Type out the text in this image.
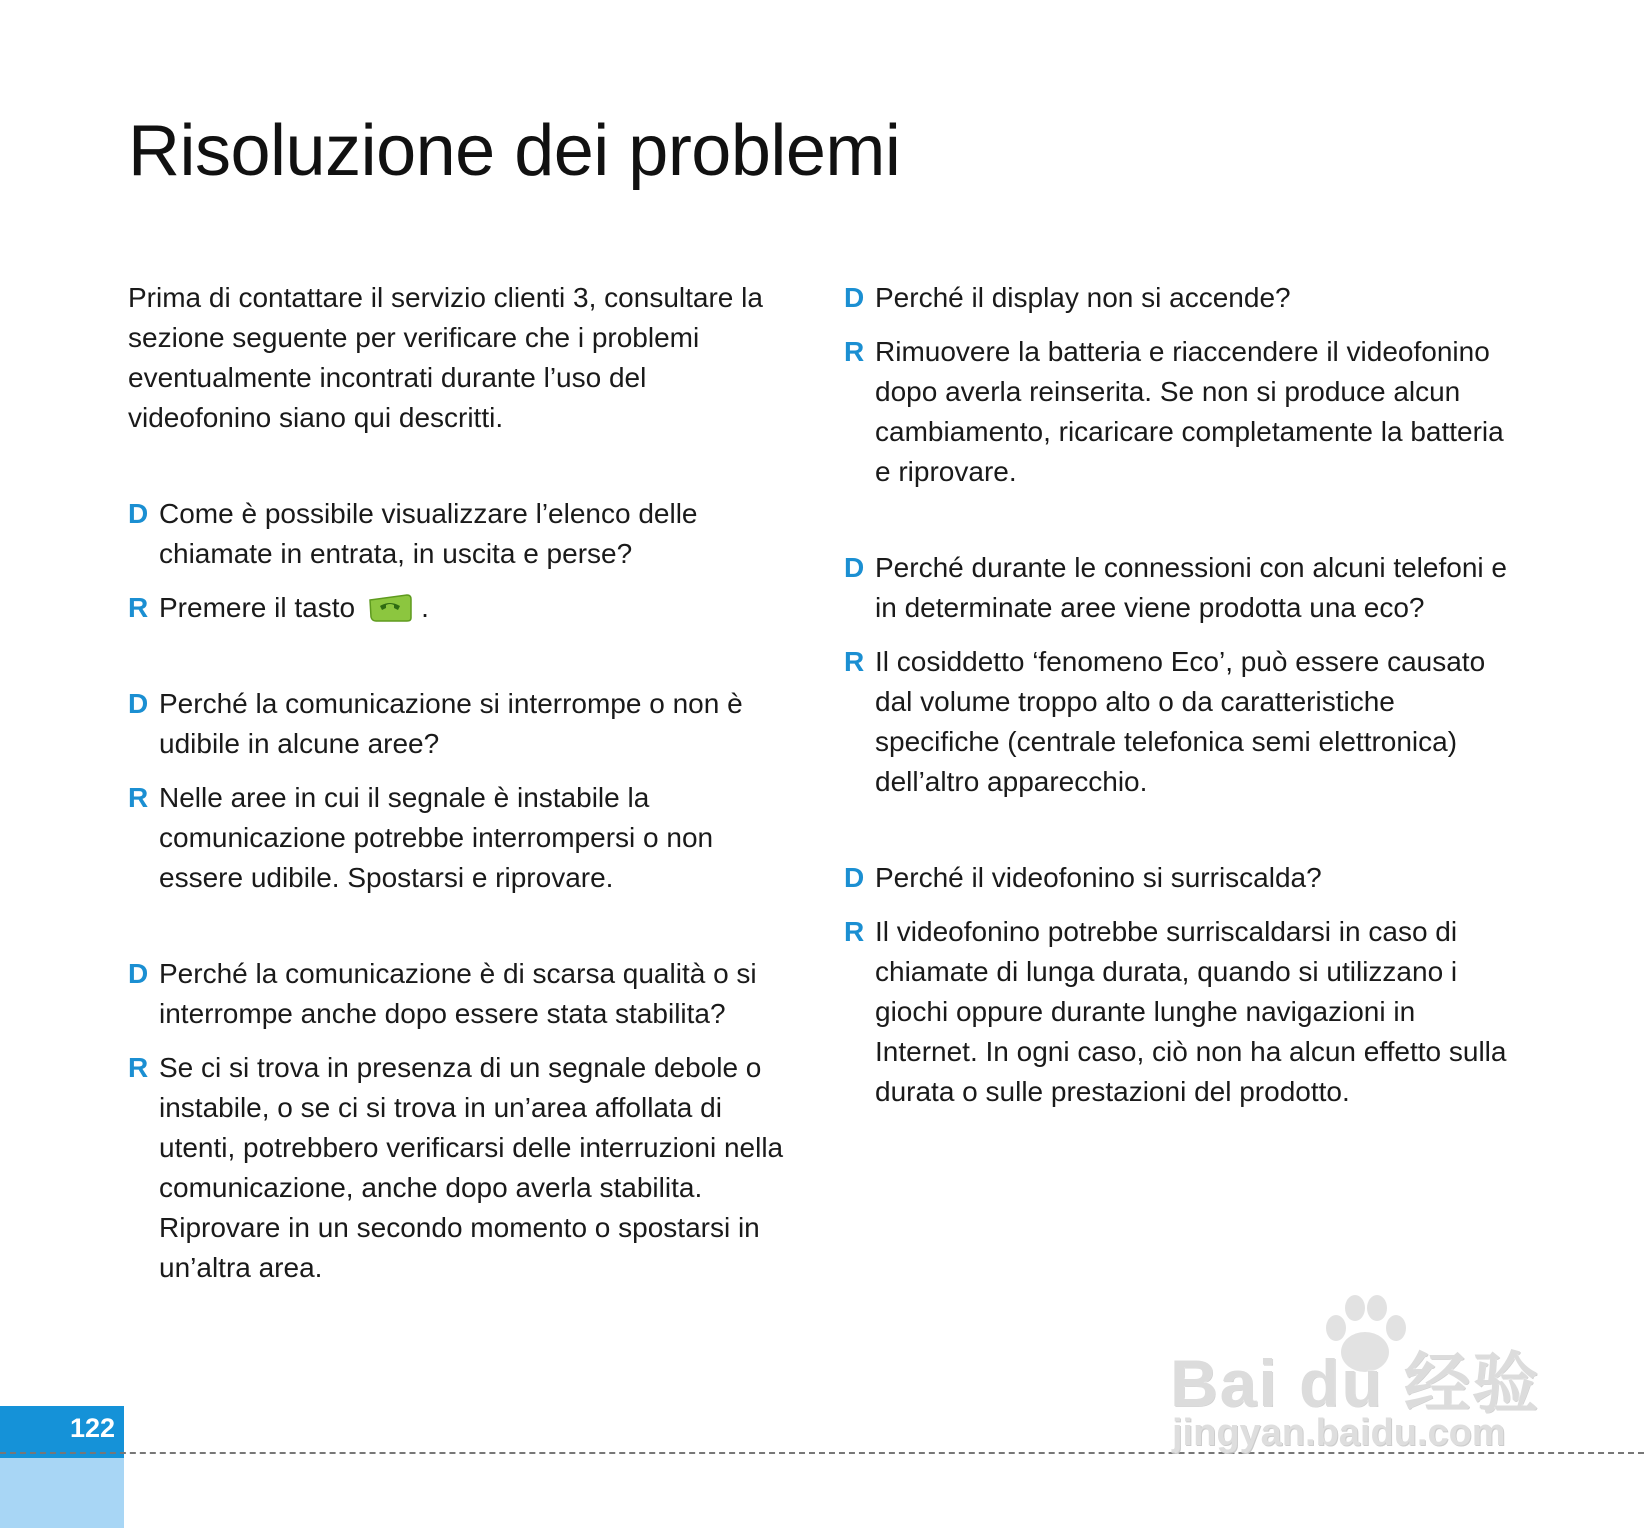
Risoluzione dei problemi

Prima di contattare il servizio clienti 3, consultare la sezione seguente per verificare che i problemi eventualmente incontrati durante l’uso del videofonino siano qui descritti.

D Come è possibile visualizzare l’elenco delle chiamate in entrata, in uscita e perse?

R Premere il tasto .

D Perché la comunicazione si interrompe o non è udibile in alcune aree?

R Nelle aree in cui il segnale è instabile la comunicazione potrebbe interrompersi o non essere udibile. Spostarsi e riprovare.

D Perché la comunicazione è di scarsa qualità o si interrompe anche dopo essere stata stabilita?

R Se ci si trova in presenza di un segnale debole o instabile, o se ci si trova in un’area affollata di utenti, potrebbero verificarsi delle interruzioni nella comunicazione, anche dopo averla stabilita. Riprovare in un secondo momento o spostarsi in un’altra area.

D Perché il display non si accende?

R Rimuovere la batteria e riaccendere il videofonino dopo averla reinserita. Se non si produce alcun cambiamento, ricaricare completamente la batteria e riprovare.

D Perché durante le connessioni con alcuni telefoni e in determinate aree viene prodotta una eco?

R Il cosiddetto ‘fenomeno Eco’, può essere causato dal volume troppo alto o da caratteristiche specifiche (centrale telefonica semi elettronica) dell’altro apparecchio.

D Perché il videofonino si surriscalda?

R Il videofonino potrebbe surriscaldarsi in caso di chiamate di lunga durata, quando si utilizzano i giochi oppure durante lunghe navigazioni in Internet. In ogni caso, ciò non ha alcun effetto sulla durata o sulle prestazioni del prodotto.

122
Bai du 经验
jingyan.baidu.com
